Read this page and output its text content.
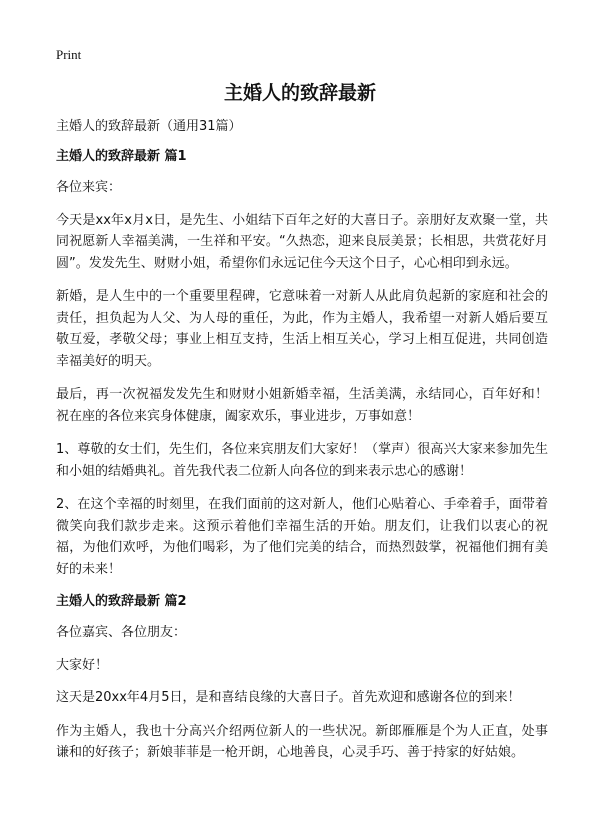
Print
主婚人的致辞最新

主婚人的致辞最新（通用31篇）

主婚人的致辞最新 篇1

各位来宾：

今天是xx年x月x日，是先生、小姐结下百年之好的大喜日子。亲朋好友欢聚一堂，共同祝愿新人幸福美满，一生祥和平安。“久热恋，迎来良辰美景；长相思，共赏花好月圆”。发发先生、财财小姐，希望你们永远记住今天这个日子，心心相印到永远。

新婚，是人生中的一个重要里程碑，它意味着一对新人从此肩负起新的家庭和社会的责任，担负起为人父、为人母的重任，为此，作为主婚人，我希望一对新人婚后要互敬互爱，孝敬父母；事业上相互支持，生活上相互关心，学习上相互促进，共同创造幸福美好的明天。

最后，再一次祝福发发先生和财财小姐新婚幸福，生活美满，永结同心，百年好和！祝在座的各位来宾身体健康，阖家欢乐，事业进步，万事如意！

1、尊敬的女士们，先生们，各位来宾朋友们大家好！（掌声）很高兴大家来参加先生和小姐的结婚典礼。首先我代表二位新人向各位的到来表示忠心的感谢！

2、在这个幸福的时刻里，在我们面前的这对新人，他们心贴着心、手牵着手，面带着微笑向我们款步走来。这预示着他们幸福生活的开始。朋友们，让我们以衷心的祝福，为他们欢呼，为他们喝彩，为了他们完美的结合，而热烈鼓掌，祝福他们拥有美好的未来！

主婚人的致辞最新 篇2

各位嘉宾、各位朋友：

大家好！

这天是20xx年4月5日，是和喜结良缘的大喜日子。首先欢迎和感谢各位的到来！

作为主婚人，我也十分高兴介绍两位新人的一些状况。新郎雁雁是个为人正直，处事谦和的好孩子；新娘菲菲是一枪开朗，心地善良，心灵手巧、善于持家的好姑娘。
